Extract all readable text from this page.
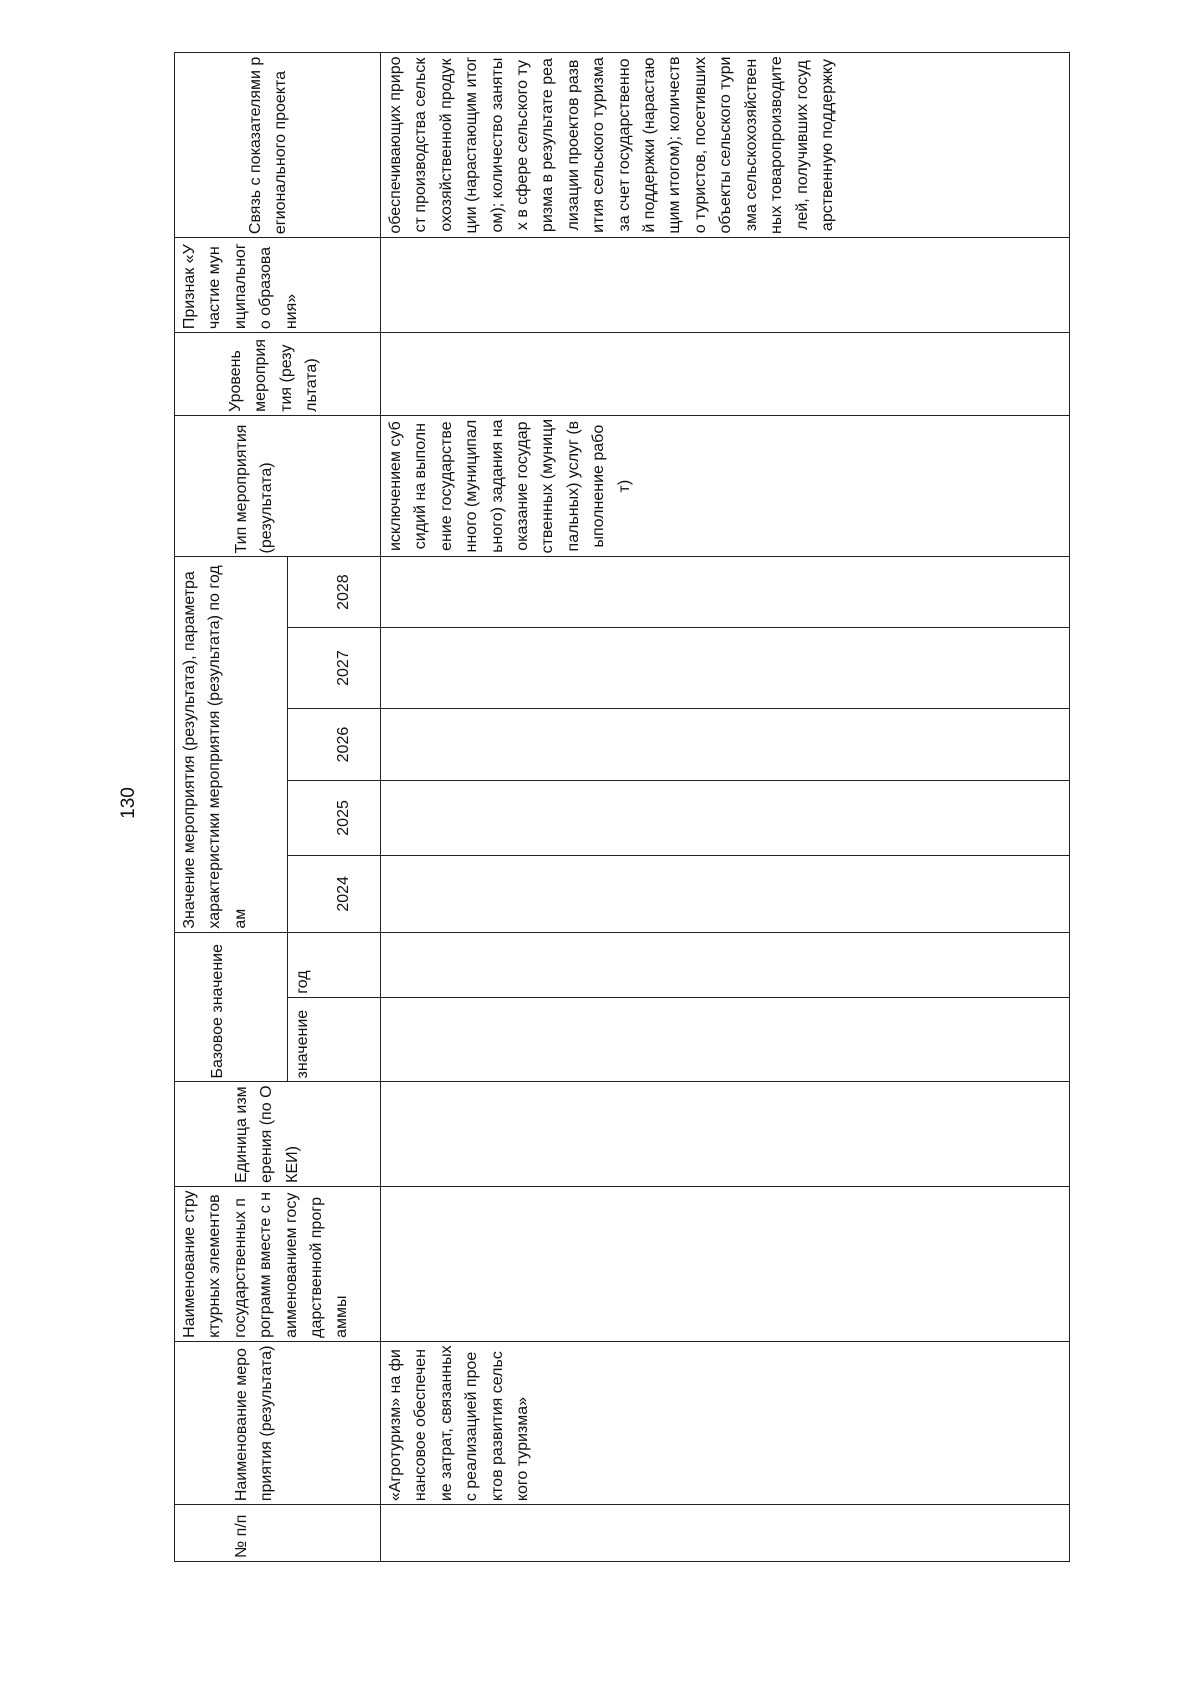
130
№ п/п	Наименование мероприятия (результата)	Наименование структурных элементов государственных программ вместе с наименованием государственной программы	Единица измерения (по ОКЕИ)	Базовое значение		Значение мероприятия (результата), параметра характеристики мероприятия (результата) по годам					Тип мероприятия (результата)	Уровень мероприятия (результата)	Признак «Участие муниципального образования»	Связь с показателями регионального проекта
				значение	год	2024	2025	2026	2027	2028				

	«Агротуризм» на финансовое обеспечение затрат, связанных с реализацией проектов развития сельского туризма»										исключением субсидий на выполнение государственного (муниципального) задания на оказание государственных (муниципальных) услуг (выполнение работ)			обеспечивающих прирост производства сельскохозяйственной продукции (нарастающим итогом); количество занятых в сфере сельского туризма в результате реализации проектов развития сельского туризма за счет государственной поддержки (нарастающим итогом); количество туристов, посетивших объекты сельского туризма сельскохозяйственных товаропроизводителей, получивших государственную поддержку
